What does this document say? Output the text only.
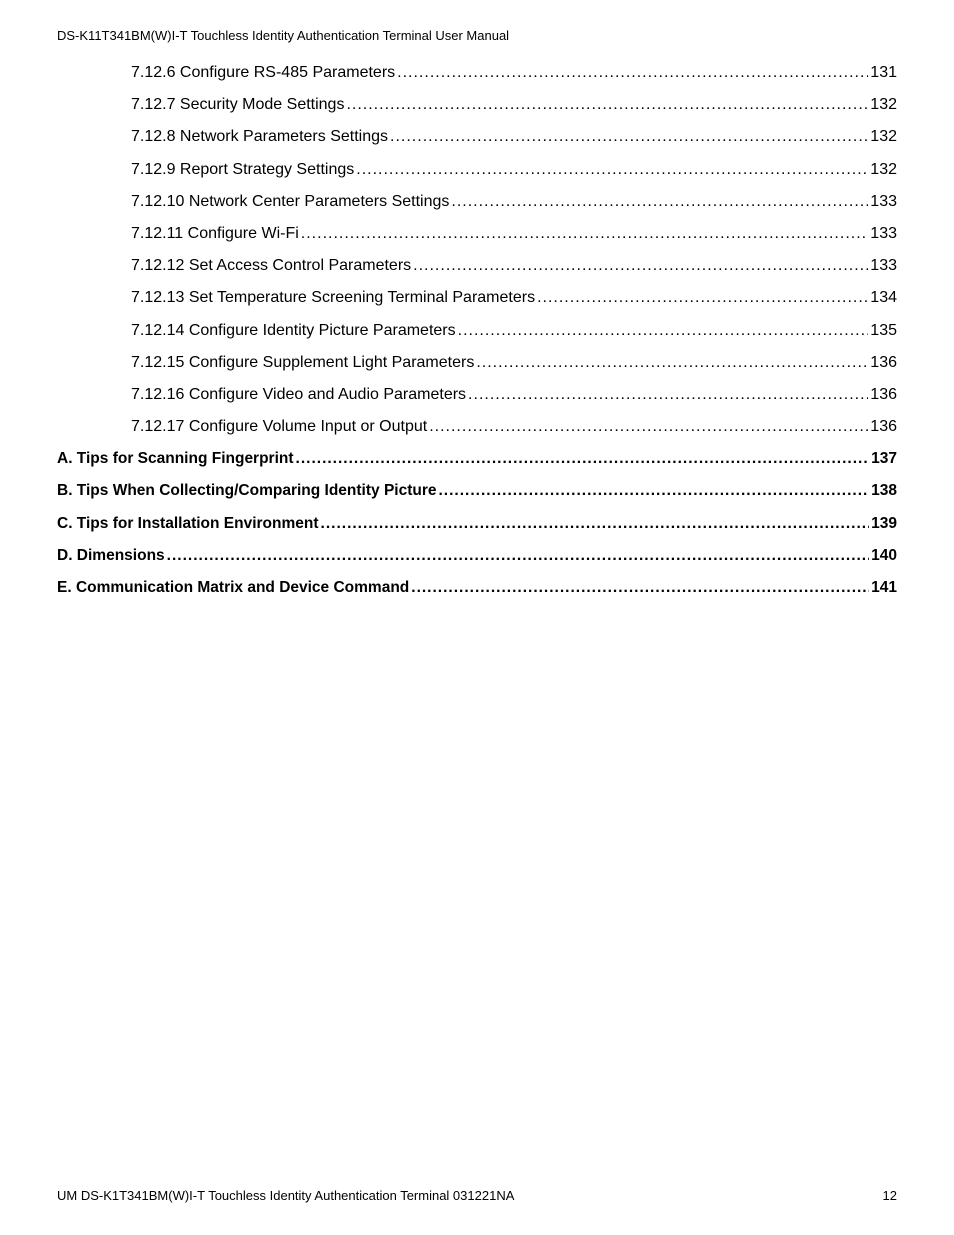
DS-K11T341BM(W)I-T Touchless Identity Authentication Terminal User Manual
7.12.6 Configure RS-485 Parameters .....	131
7.12.7 Security Mode Settings .....	132
7.12.8 Network Parameters Settings .....	132
7.12.9 Report Strategy Settings .....	132
7.12.10 Network Center Parameters Settings .....	133
7.12.11 Configure Wi-Fi .....	133
7.12.12 Set Access Control Parameters .....	133
7.12.13 Set Temperature Screening Terminal Parameters .....	134
7.12.14 Configure Identity Picture Parameters .....	135
7.12.15 Configure Supplement Light Parameters .....	136
7.12.16 Configure Video and Audio Parameters .....	136
7.12.17 Configure Volume Input or Output .....	136
A. Tips for Scanning Fingerprint .....	137
B. Tips When Collecting/Comparing Identity Picture .....	138
C. Tips for Installation Environment .....	139
D. Dimensions .....	140
E. Communication Matrix and Device Command .....	141
UM DS-K1T341BM(W)I-T Touchless Identity Authentication Terminal 031221NA	12
